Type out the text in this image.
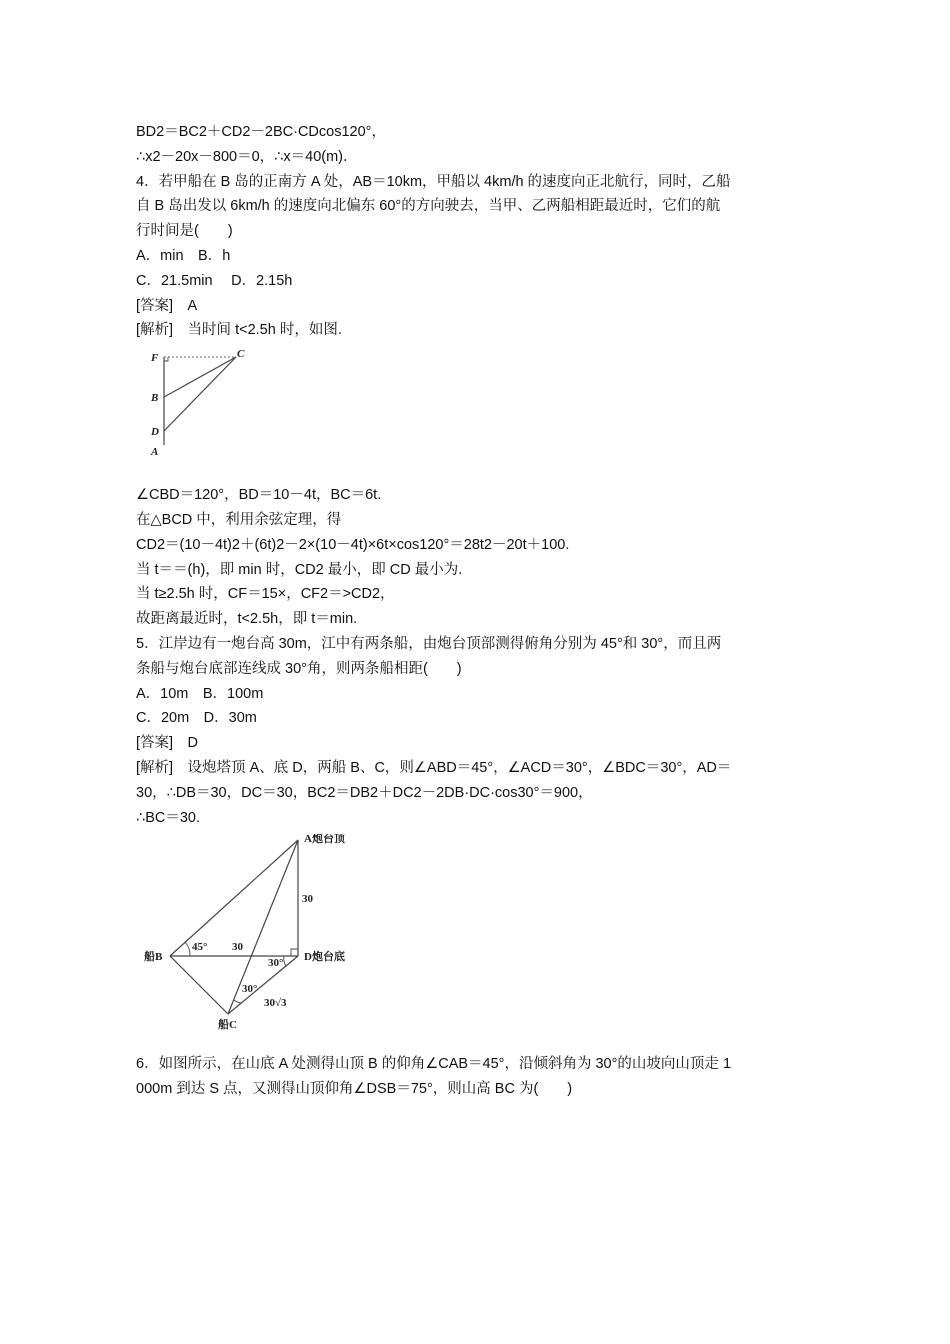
BD2＝BC2＋CD2－2BC·CDcos120°，

∴x2－20x－800＝0，∴x＝40(m)．

4．若甲船在 B 岛的正南方 A 处，AB＝10km，甲船以 4km/h 的速度向正北航行，同时，乙船

自 B 岛出发以 6km/h 的速度向北偏东 60°的方向驶去，当甲、乙两船相距最近时，它们的航

行时间是(　　)

A．min　B．h

C．21.5min　 D．2.15h

[答案]　A

[解析]　当时间 t<2.5h 时，如图.

F	C
B
D
A

∠CBD＝120°，BD＝10－4t，BC＝6t.

在△BCD 中，利用余弦定理，得

CD2＝(10－4t)2＋(6t)2－2×(10－4t)×6t×cos120°＝28t2－20t＋100.

当 t＝＝(h)，即 min 时，CD2 最小，即 CD 最小为.

当 t≥2.5h 时，CF＝15×，CF2＝>CD2，

故距离最近时，t<2.5h，即 t＝min.

5．江岸边有一炮台高 30m，江中有两条船，由炮台顶部测得俯角分别为 45°和 30°，而且两

条船与炮台底部连线成 30°角，则两条船相距(　　)

A．10m　B．100m

C．20m　D．30m

[答案]　D

[解析]　设炮塔顶 A、底 D，两船 B、C，则∠ABD＝45°，∠ACD＝30°，∠BDC＝30°，AD＝

30，∴DB＝30，DC＝30，BC2＝DB2＋DC2－2DB·DC·cos30°＝900，

∴BC＝30.

A炮台顶
D炮台底
船B
船C
30
30
45°
30°
30°
30√3

6．如图所示，在山底 A 处测得山顶 B 的仰角∠CAB＝45°，沿倾斜角为 30°的山坡向山顶走 1

000m 到达 S 点，又测得山顶仰角∠DSB＝75°，则山高 BC 为(　　)
